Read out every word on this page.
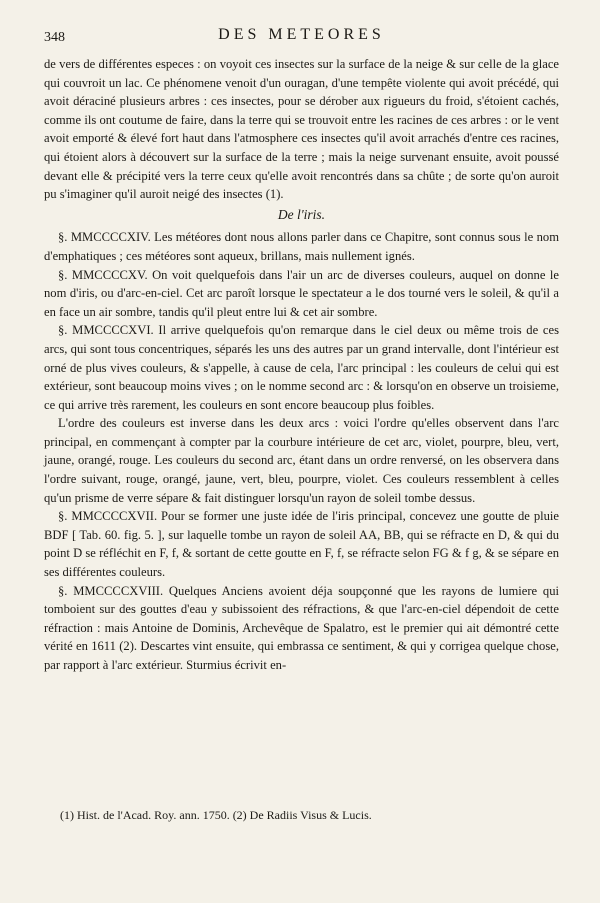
348	DES METEORES

de vers de différentes especes : on voyoit ces insectes sur la surface de la neige & sur celle de la glace qui couvroit un lac. Ce phénomene venoit d'un ouragan, d'une tempête violente qui avoit précédé, qui avoit déraciné plusieurs arbres : ces insectes, pour se dérober aux rigueurs du froid, s'étoient cachés, comme ils ont coutume de faire, dans la terre qui se trouvoit entre les racines de ces arbres : or le vent avoit emporté & élevé fort haut dans l'atmosphere ces insectes qu'il avoit arrachés d'entre ces racines, qui étoient alors à découvert sur la surface de la terre ; mais la neige survenant ensuite, avoit poussé devant elle & précipité vers la terre ceux qu'elle avoit rencontrés dans sa chûte ; de sorte qu'on auroit pu s'imaginer qu'il auroit neigé des insectes (1).

De l'iris.

§. MMCCCCXIV. Les météores dont nous allons parler dans ce Chapitre, sont connus sous le nom d'emphatiques ; ces météores sont aqueux, brillans, mais nullement ignés.

§. MMCCCCXV. On voit quelquefois dans l'air un arc de diverses couleurs, auquel on donne le nom d'iris, ou d'arc-en-ciel. Cet arc paroît lorsque le spectateur a le dos tourné vers le soleil, & qu'il a en face un air sombre, tandis qu'il pleut entre lui & cet air sombre.

§. MMCCCCXVI. Il arrive quelquefois qu'on remarque dans le ciel deux ou même trois de ces arcs, qui sont tous concentriques, séparés les uns des autres par un grand intervalle, dont l'intérieur est orné de plus vives couleurs, & s'appelle, à cause de cela, l'arc principal : les couleurs de celui qui est extérieur, sont beaucoup moins vives ; on le nomme second arc : & lorsqu'on en observe un troisieme, ce qui arrive très rarement, les couleurs en sont encore beaucoup plus foibles.

L'ordre des couleurs est inverse dans les deux arcs : voici l'ordre qu'elles observent dans l'arc principal, en commençant à compter par la courbure intérieure de cet arc, violet, pourpre, bleu, vert, jaune, orangé, rouge. Les couleurs du second arc, étant dans un ordre renversé, on les observera dans l'ordre suivant, rouge, orangé, jaune, vert, bleu, pourpre, violet. Ces couleurs ressemblent à celles qu'un prisme de verre sépare & fait distinguer lorsqu'un rayon de soleil tombe dessus.

§. MMCCCCXVII. Pour se former une juste idée de l'iris principal, concevez une goutte de pluie BDF [ Tab. 60. fig. 5. ], sur laquelle tombe un rayon de soleil AA, BB, qui se réfracte en D, & qui du point D se réfléchit en F, f, & sortant de cette goutte en F, f, se réfracte selon FG & f g, & se sépare en ses différentes couleurs.

§. MMCCCCXVIII. Quelques Anciens avoient déja soupçonné que les rayons de lumiere qui tomboient sur des gouttes d'eau y subissoient des réfractions, & que l'arc-en-ciel dépendoit de cette réfraction : mais Antoine de Dominis, Archevêque de Spalatro, est le premier qui ait démontré cette vérité en 1611 (2). Descartes vint ensuite, qui embrassa ce sentiment, & qui y corrigea quelque chose, par rapport à l'arc extérieur. Sturmius écrivit en-

(1) Hist. de l'Acad. Roy. ann. 1750. (2) De Radiis Visus & Lucis.
